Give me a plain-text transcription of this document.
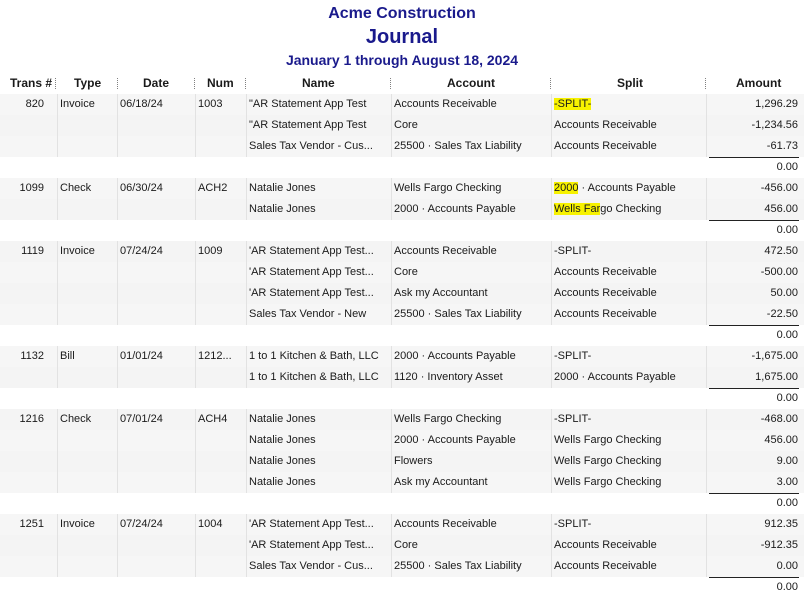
Acme Construction
Journal
January 1 through August 18, 2024
Trans # Type	Date	Num	Name	Account	Split	Amount
820 Invoice	06/18/24	1003	"AR Statement App Test	Accounts Receivable	-SPLIT-	1,296.29
"AR Statement App Test	Core	Accounts Receivable	-1,234.56
Sales Tax Vendor - Cus...	25500 · Sales Tax Liability	Accounts Receivable	-61.73
0.00
1099 Check	06/30/24	ACH2	Natalie Jones	Wells Fargo Checking	2000 · Accounts Payable	-456.00
Natalie Jones	2000 · Accounts Payable	Wells Fargo Checking	456.00
0.00
1119 Invoice	07/24/24	1009	'AR Statement App Test...	Accounts Receivable	-SPLIT-	472.50
'AR Statement App Test...	Core	Accounts Receivable	-500.00
'AR Statement App Test...	Ask my Accountant	Accounts Receivable	50.00
Sales Tax Vendor - New	25500 · Sales Tax Liability	Accounts Receivable	-22.50
0.00
1132 Bill	01/01/24	1212...	1 to 1 Kitchen & Bath, LLC	2000 · Accounts Payable	-SPLIT-	-1,675.00
1 to 1 Kitchen & Bath, LLC	1120 · Inventory Asset	2000 · Accounts Payable	1,675.00
0.00
1216 Check	07/01/24	ACH4	Natalie Jones	Wells Fargo Checking	-SPLIT-	-468.00
Natalie Jones	2000 · Accounts Payable	Wells Fargo Checking	456.00
Natalie Jones	Flowers	Wells Fargo Checking	9.00
Natalie Jones	Ask my Accountant	Wells Fargo Checking	3.00
0.00
1251 Invoice	07/24/24	1004	'AR Statement App Test...	Accounts Receivable	-SPLIT-	912.35
'AR Statement App Test...	Core	Accounts Receivable	-912.35
Sales Tax Vendor - Cus...	25500 · Sales Tax Liability	Accounts Receivable	0.00
0.00
